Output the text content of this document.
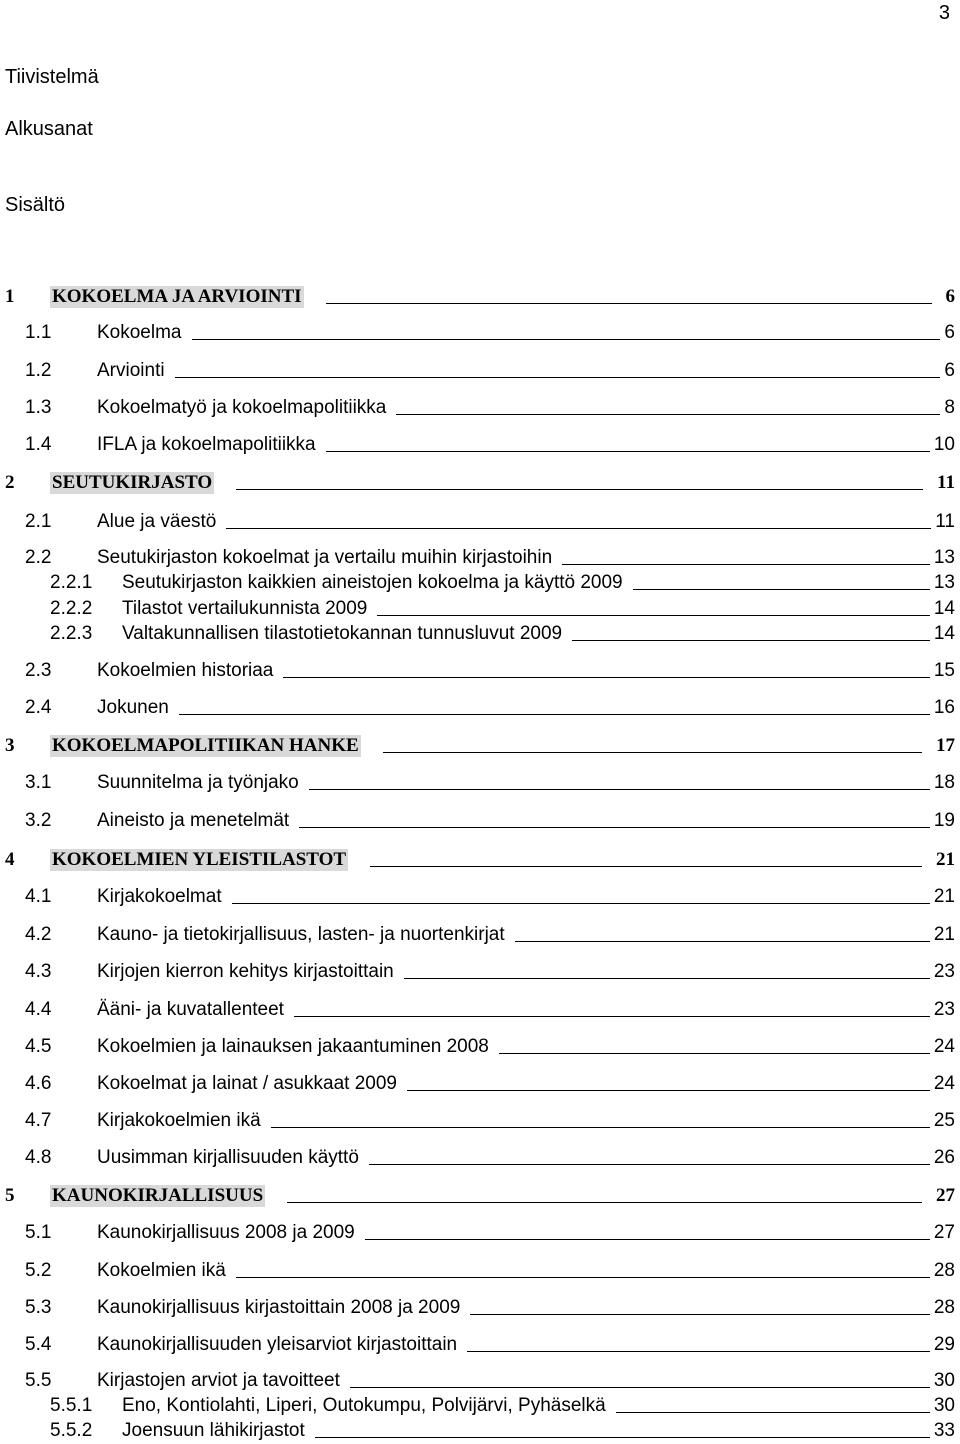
3
Tiivistelmä
Alkusanat
Sisältö
1	KOKOELMA JA ARVIOINTI	6
1.1	Kokoelma	6
1.2	Arviointi	6
1.3	Kokoelmatyö ja kokoelmapolitiikka	8
1.4	IFLA ja kokoelmapolitiikka	10
2	SEUTUKIRJASTO	11
2.1	Alue ja väestö	11
2.2	Seutukirjaston kokoelmat ja vertailu muihin kirjastoihin	13
2.2.1	Seutukirjaston kaikkien aineistojen kokoelma ja käyttö 2009	13
2.2.2	Tilastot vertailukunnista 2009	14
2.2.3	Valtakunnallisen tilastotietokannan tunnusluvut 2009	14
2.3	Kokoelmien historiaa	15
2.4	Jokunen	16
3	KOKOELMAPOLITIIKAN HANKE	17
3.1	Suunnitelma ja työnjako	18
3.2	Aineisto ja menetelmät	19
4	KOKOELMIEN YLEISTILASTOT	21
4.1	Kirjakokoelmat	21
4.2	Kauno- ja tietokirjallisuus, lasten- ja nuortenkirjat	21
4.3	Kirjojen kierron kehitys kirjastoittain	23
4.4	Ääni- ja kuvatallenteet	23
4.5	Kokoelmien ja lainauksen jakaantuminen 2008	24
4.6	Kokoelmat ja lainat / asukkaat 2009	24
4.7	Kirjakokoelmien ikä	25
4.8	Uusimman kirjallisuuden käyttö	26
5	KAUNOKIRJALLISUUS	27
5.1	Kaunokirjallisuus 2008 ja 2009	27
5.2	Kokoelmien ikä	28
5.3	Kaunokirjallisuus kirjastoittain 2008 ja 2009	28
5.4	Kaunokirjallisuuden yleisarviot kirjastoittain	29
5.5	Kirjastojen arviot ja tavoitteet	30
5.5.1	Eno, Kontiolahti, Liperi, Outokumpu, Polvijärvi, Pyhäselkä	30
5.5.2	Joensuun lähikirjastot	33
